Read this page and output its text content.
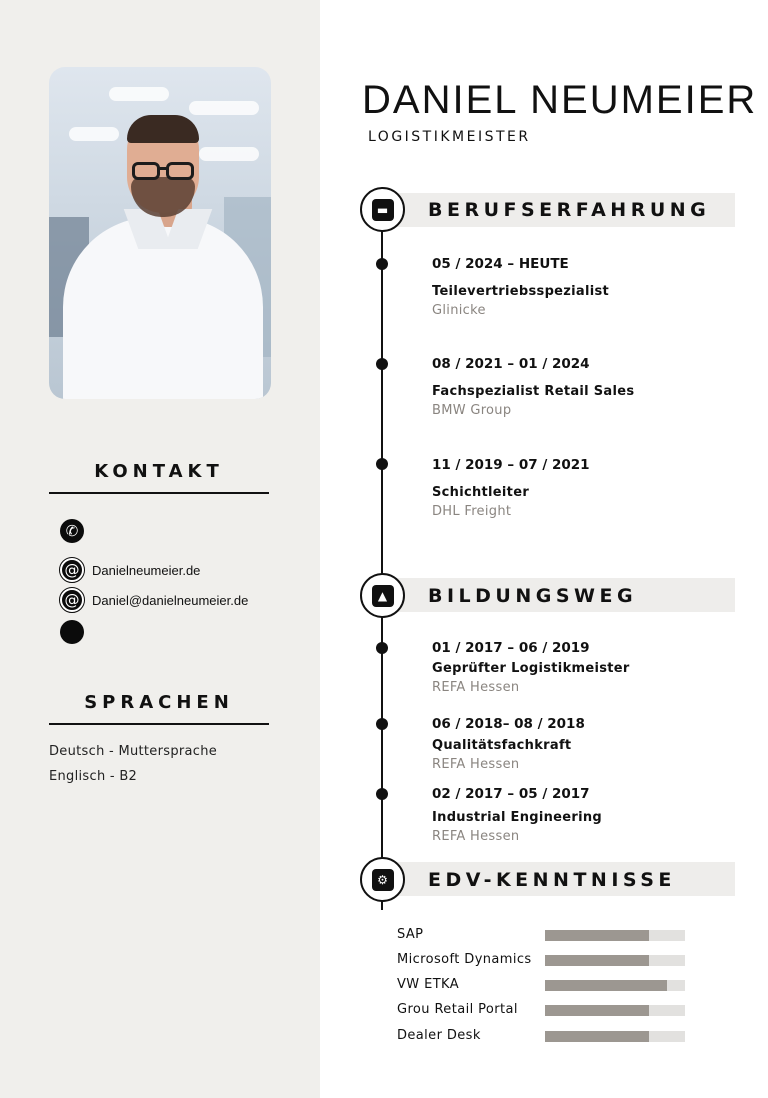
KONTAKT
✆
@ Danielneumeier.de
@ Daniel@danielneumeier.de
SPRACHEN
Deutsch - Muttersprache
Englisch - B2
DANIEL NEUMEIER
LOGISTIKMEISTER
▬ BERUFSERFAHRUNG
05 / 2024 – HEUTE
Teilevertriebsspezialist
Glinicke
08 / 2021 – 01 / 2024
Fachspezialist Retail Sales
BMW Group
11 / 2019 – 07 / 2021
Schichtleiter
DHL Freight
▲	BILDUNGSWEG
01 / 2017 – 06 / 2019
Geprüfter Logistikmeister
REFA Hessen
06 / 2018– 08 / 2018
Qualitätsfachkraft
REFA Hessen
02 / 2017 – 05 / 2017
Industrial Engineering
REFA Hessen
⚙ EDV-KENNTNISSE
SAP
Microsoft Dynamics
VW ETKA
Grou Retail Portal
Dealer Desk
